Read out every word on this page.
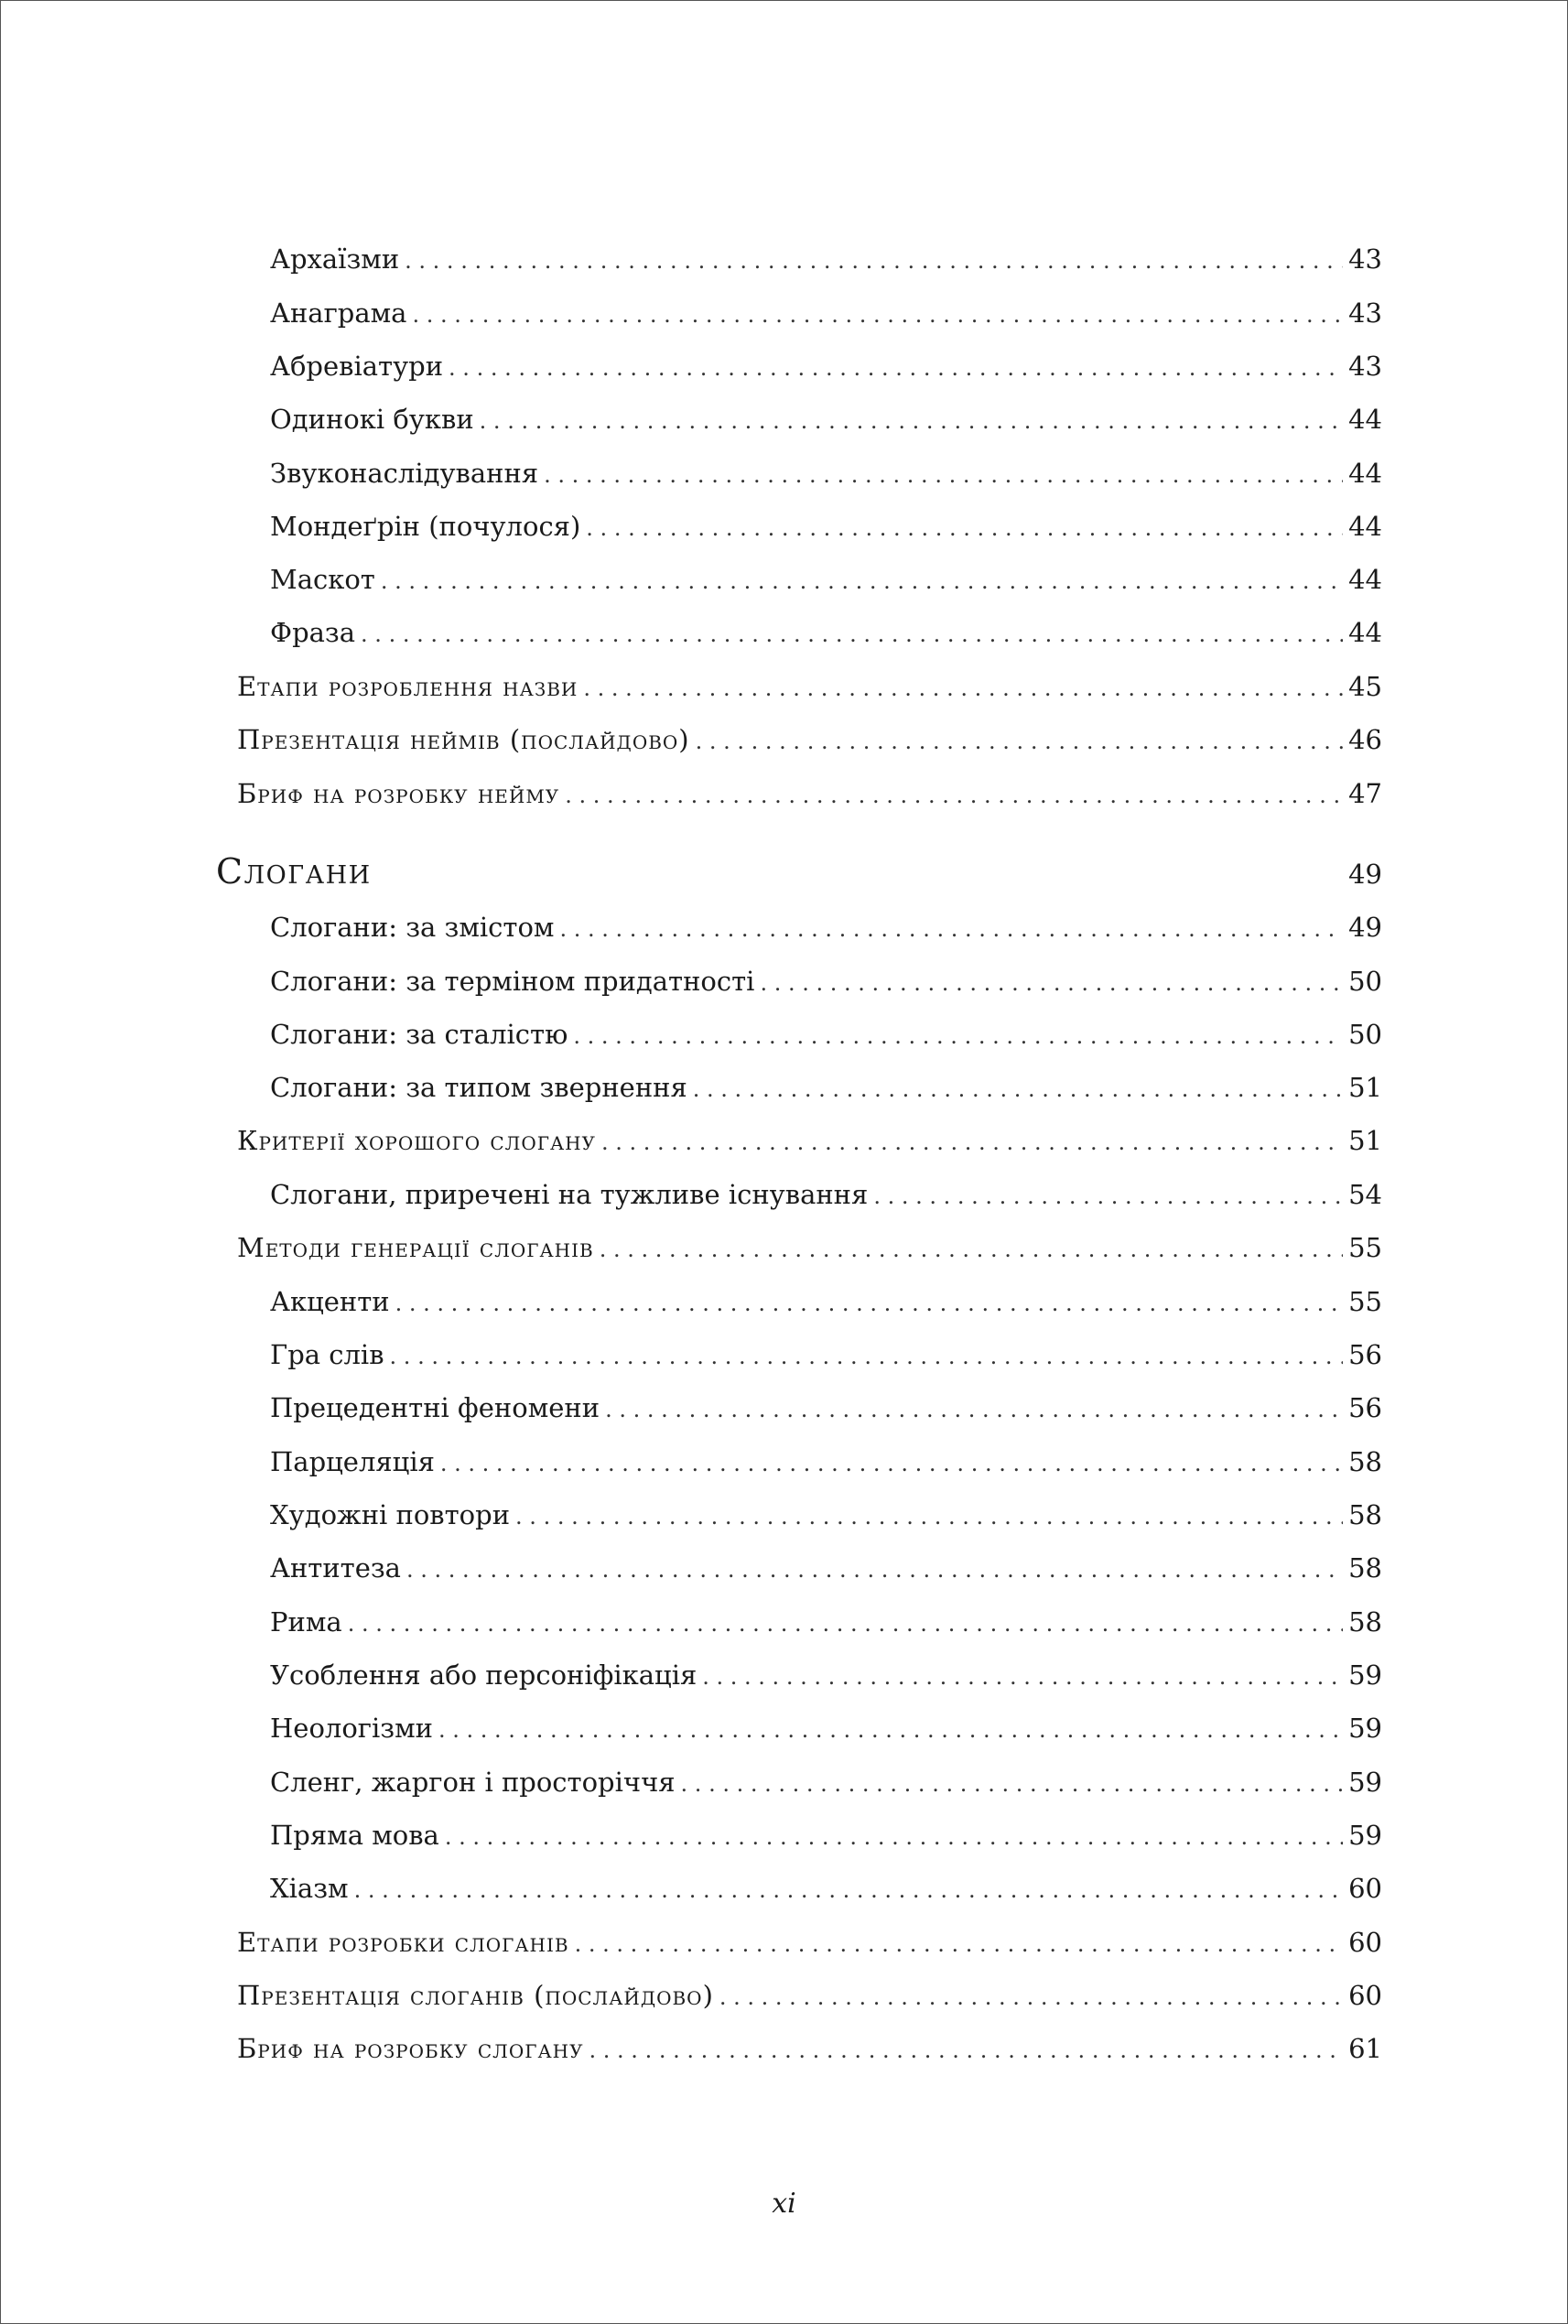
Архаїзми . . .	43
Анаграма . . .	43
Абревіатури . . .	43
Одинокі букви . . .	44
Звуконаслідування . . .	44
Мондеґрін (почулося) . . .	44
Маскот . . .	44
Фраза . . .	44
Етапи розроблення назви . . .	45
Презентація неймів (послайдово) . . .	46
Бриф на розробку нейму . . .	47
Слогани	49
Слогани: за змістом . . .	49
Слогани: за терміном придатності . . .	50
Слогани: за сталістю . . .	50
Слогани: за типом звернення . . .	51
Критерії хорошого слогану . . .	51
Слогани, приречені на тужливе існування . . .	54
Методи генерації слоганів . . .	55
Акценти . . .	55
Гра слів . . .	56
Прецедентні феномени . . .	56
Парцеляція . . .	58
Художні повтори . . .	58
Антитеза . . .	58
Рима . . .	58
Усоблення або персоніфікація . . .	59
Неологізми . . .	59
Сленг, жаргон і просторіччя . . .	59
Пряма мова . . .	59
Хіазм . . .	60
Етапи розробки слоганів . . .	60
Презентація слоганів (послайдово) . . .	60
Бриф на розробку слогану . . .	61
xi
